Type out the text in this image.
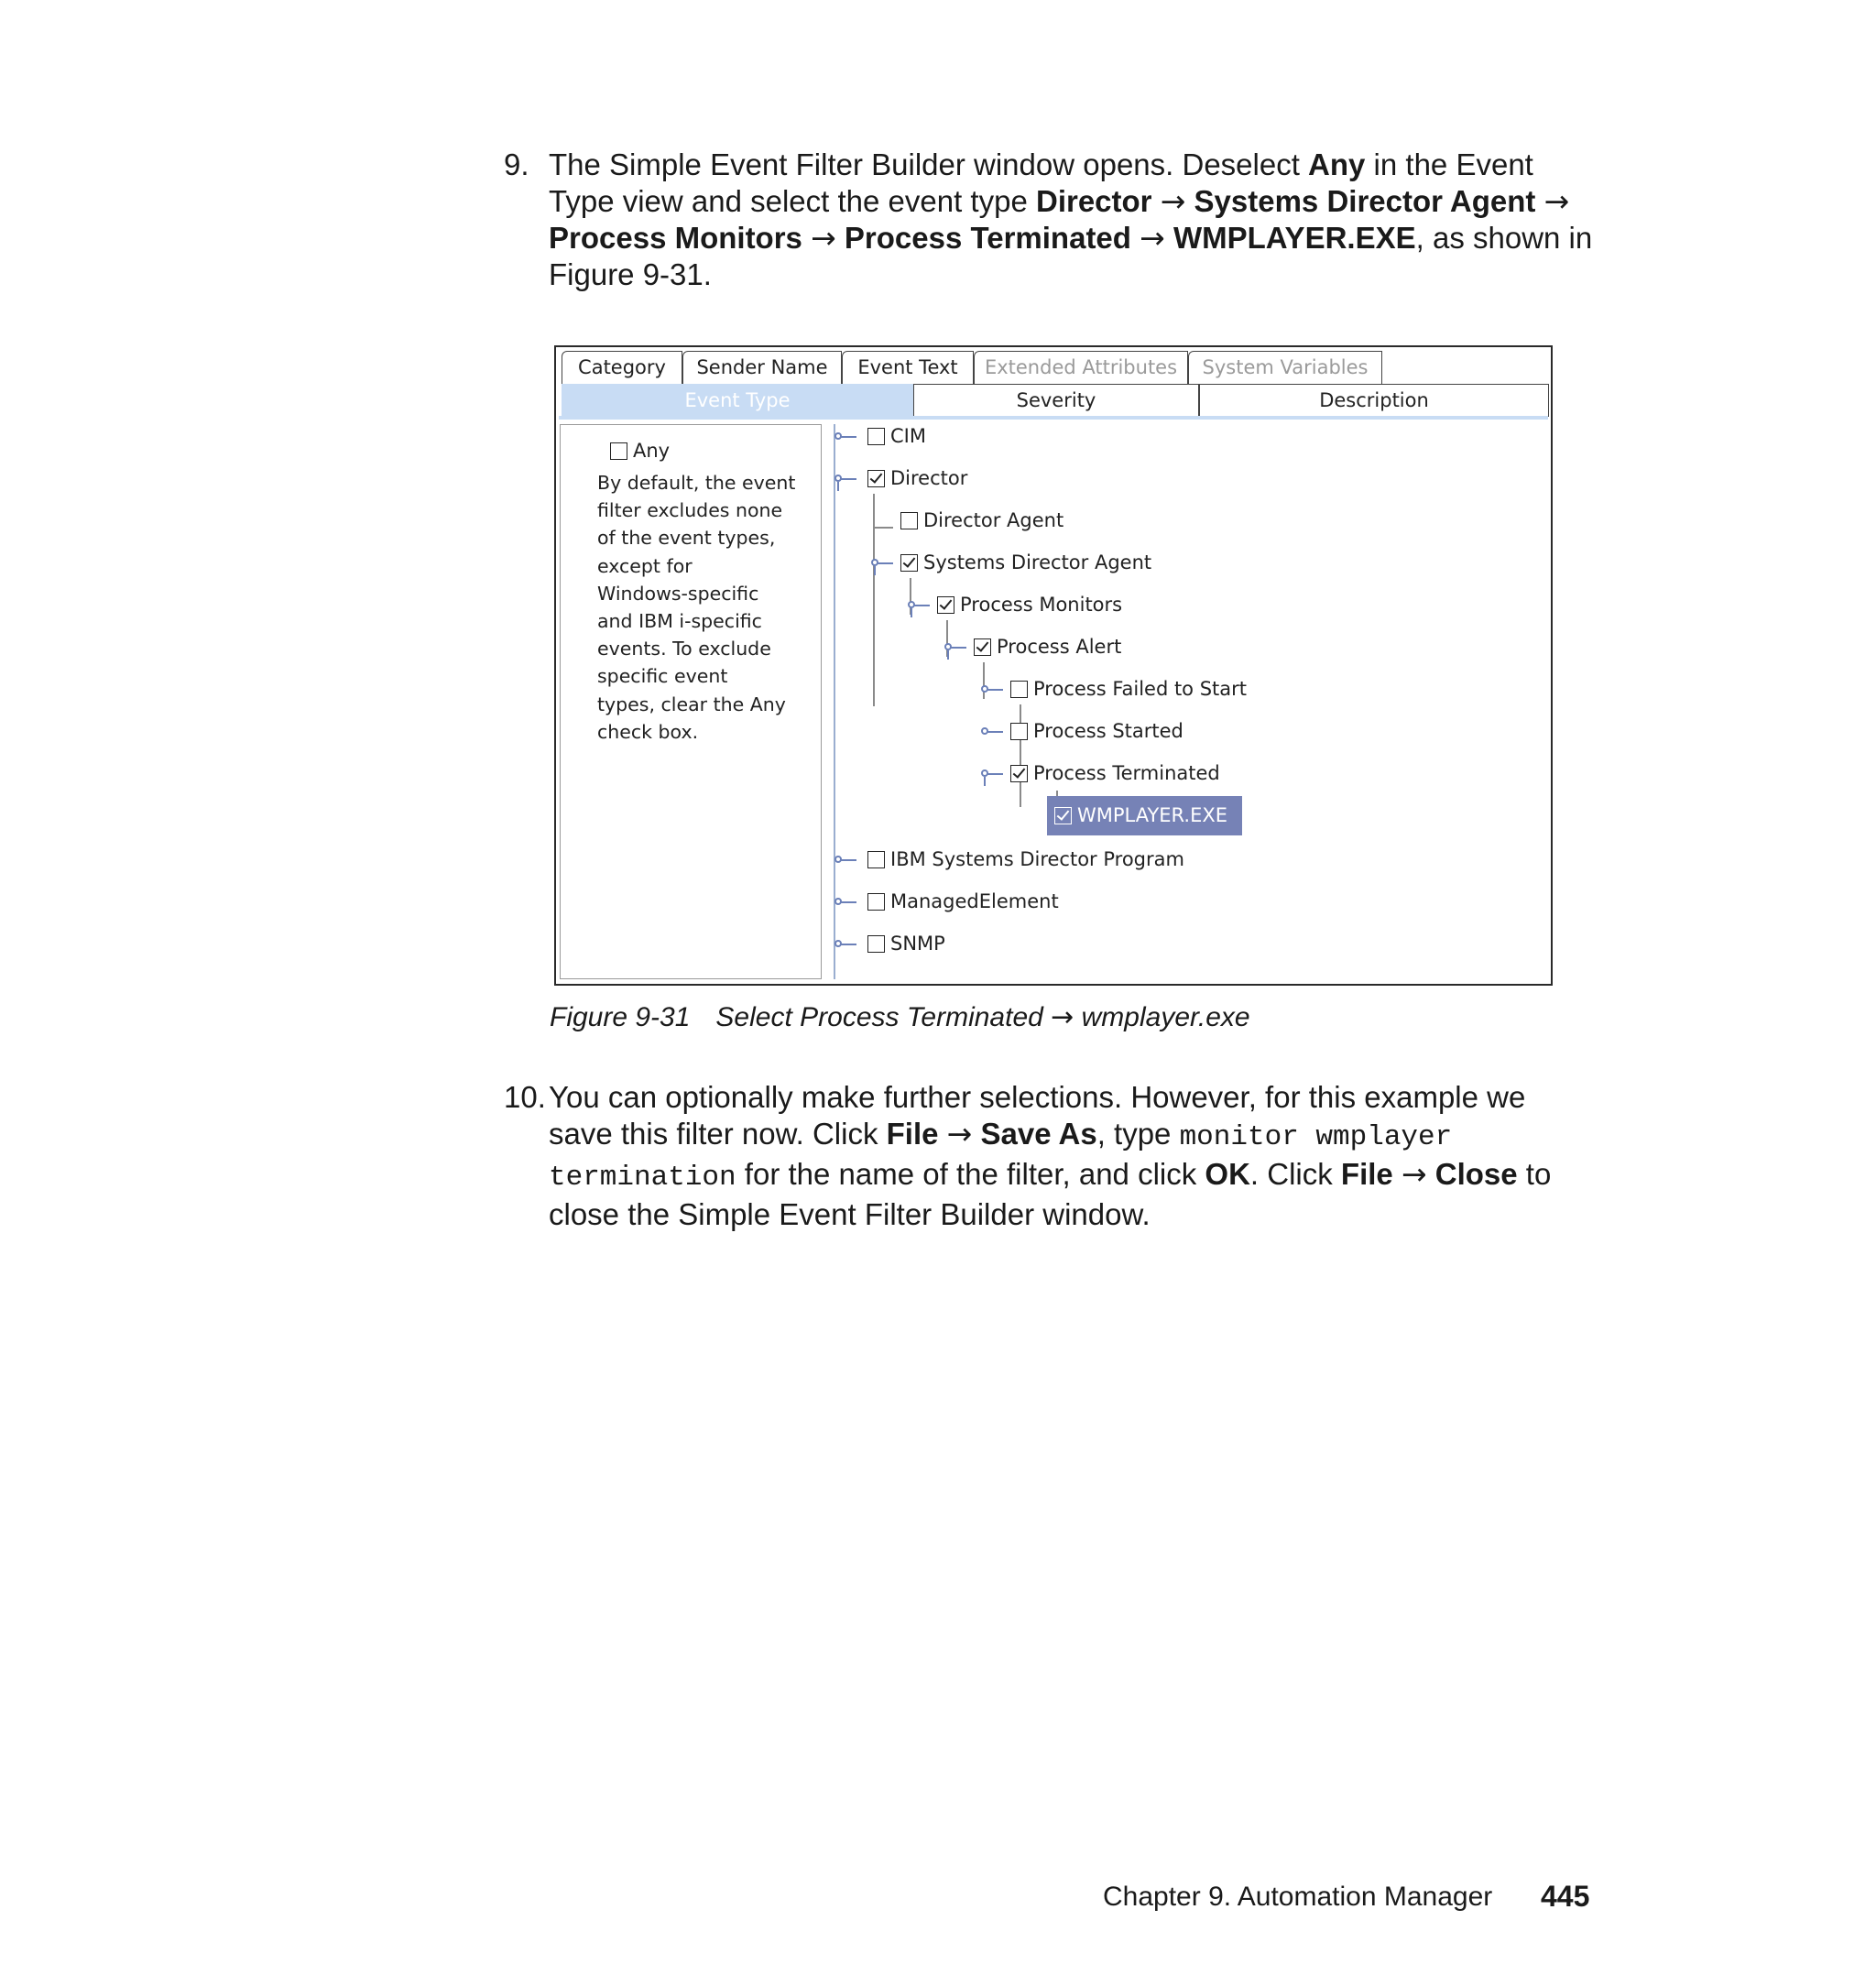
9. The Simple Event Filter Builder window opens. Deselect Any in the Event Type view and select the event type Director → Systems Director Agent → Process Monitors → Process Terminated → WMPLAYER.EXE, as shown in Figure 9-31.
Category	Sender Name	Event Text	Extended Attributes	System Variables
Event Type	Severity	Description
Any
By default, the event
filter excludes none
of the event types,
except for
Windows-specific
and IBM i-specific
events. To exclude
specific event
types, clear the Any
check box.
CIM
Director
Director Agent
Systems Director Agent
Process Monitors
Process Alert
Process Failed to Start
Process Started
Process Terminated
WMPLAYER.EXE
IBM Systems Director Program
ManagedElement
SNMP
Figure 9-31 Select Process Terminated → wmplayer.exe
10. You can optionally make further selections. However, for this example we save this filter now. Click File → Save As, type monitor wmplayer termination for the name of the filter, and click OK. Click File → Close to close the Simple Event Filter Builder window.
Chapter 9. Automation Manager 445
